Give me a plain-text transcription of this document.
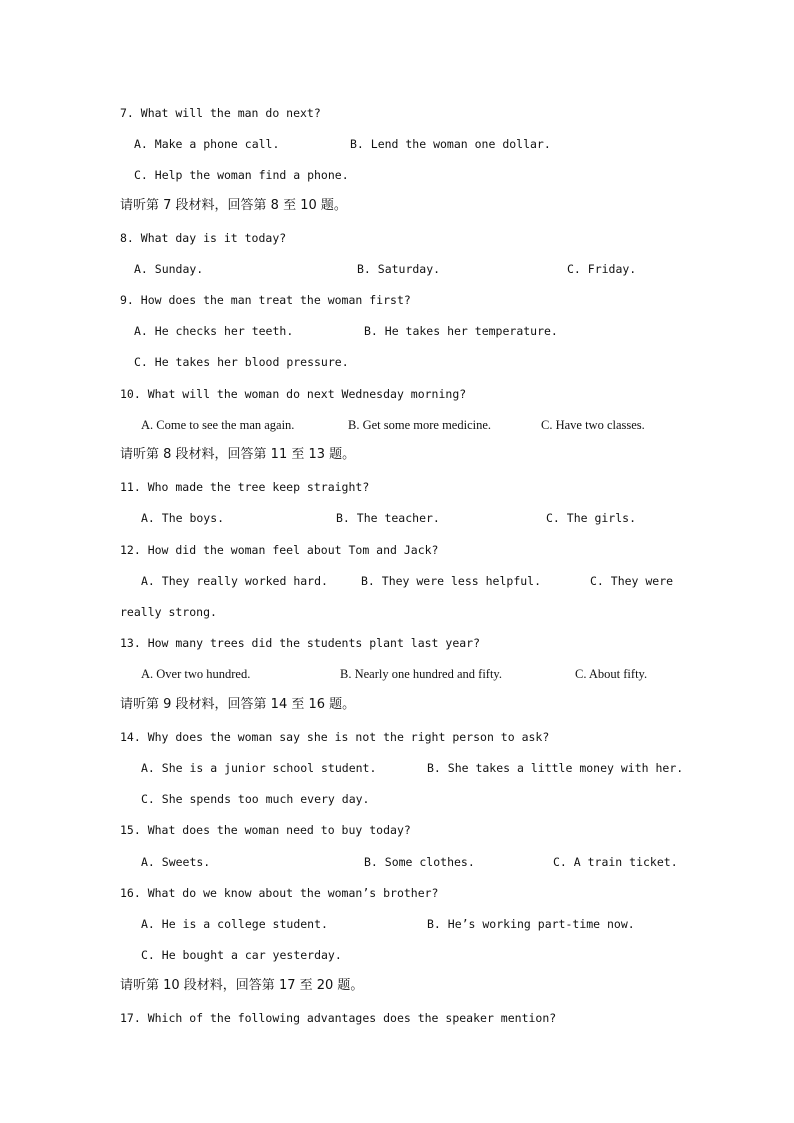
7. What will the man do next?
A. Make a phone call.	B. Lend the woman one dollar.
C. Help the woman find a phone.
请听第 7 段材料，回答第 8 至 10 题。
8. What day is it today?
A. Sunday.	B. Saturday.	C. Friday.
9. How does the man treat the woman first?
A. He checks her teeth.	B. He takes her temperature.
C. He takes her blood pressure.
10. What will the woman do next Wednesday morning?
A. Come to see the man again.	B. Get some more medicine.	C. Have two classes.
请听第 8 段材料，回答第 11 至 13 题。
11. Who made the tree keep straight?
A. The boys.	B. The teacher.	C. The girls.
12. How did the woman feel about Tom and Jack?
A. They really worked hard.	B. They were less helpful.	C. They were
really strong.
13. How many trees did the students plant last year?
A. Over two hundred.	B. Nearly one hundred and fifty.	C. About fifty.
请听第 9 段材料，回答第 14 至 16 题。
14. Why does the woman say she is not the right person to ask?
A. She is a junior school student.	B. She takes a little money with her.
C. She spends too much every day.
15. What does the woman need to buy today?
A. Sweets.	B. Some clothes.	C. A train ticket.
16. What do we know about the woman’s brother?
A. He is a college student.	B. He’s working part-time now.
C. He bought a car yesterday.
请听第 10 段材料，回答第 17 至 20 题。
17. Which of the following advantages does the speaker mention?
